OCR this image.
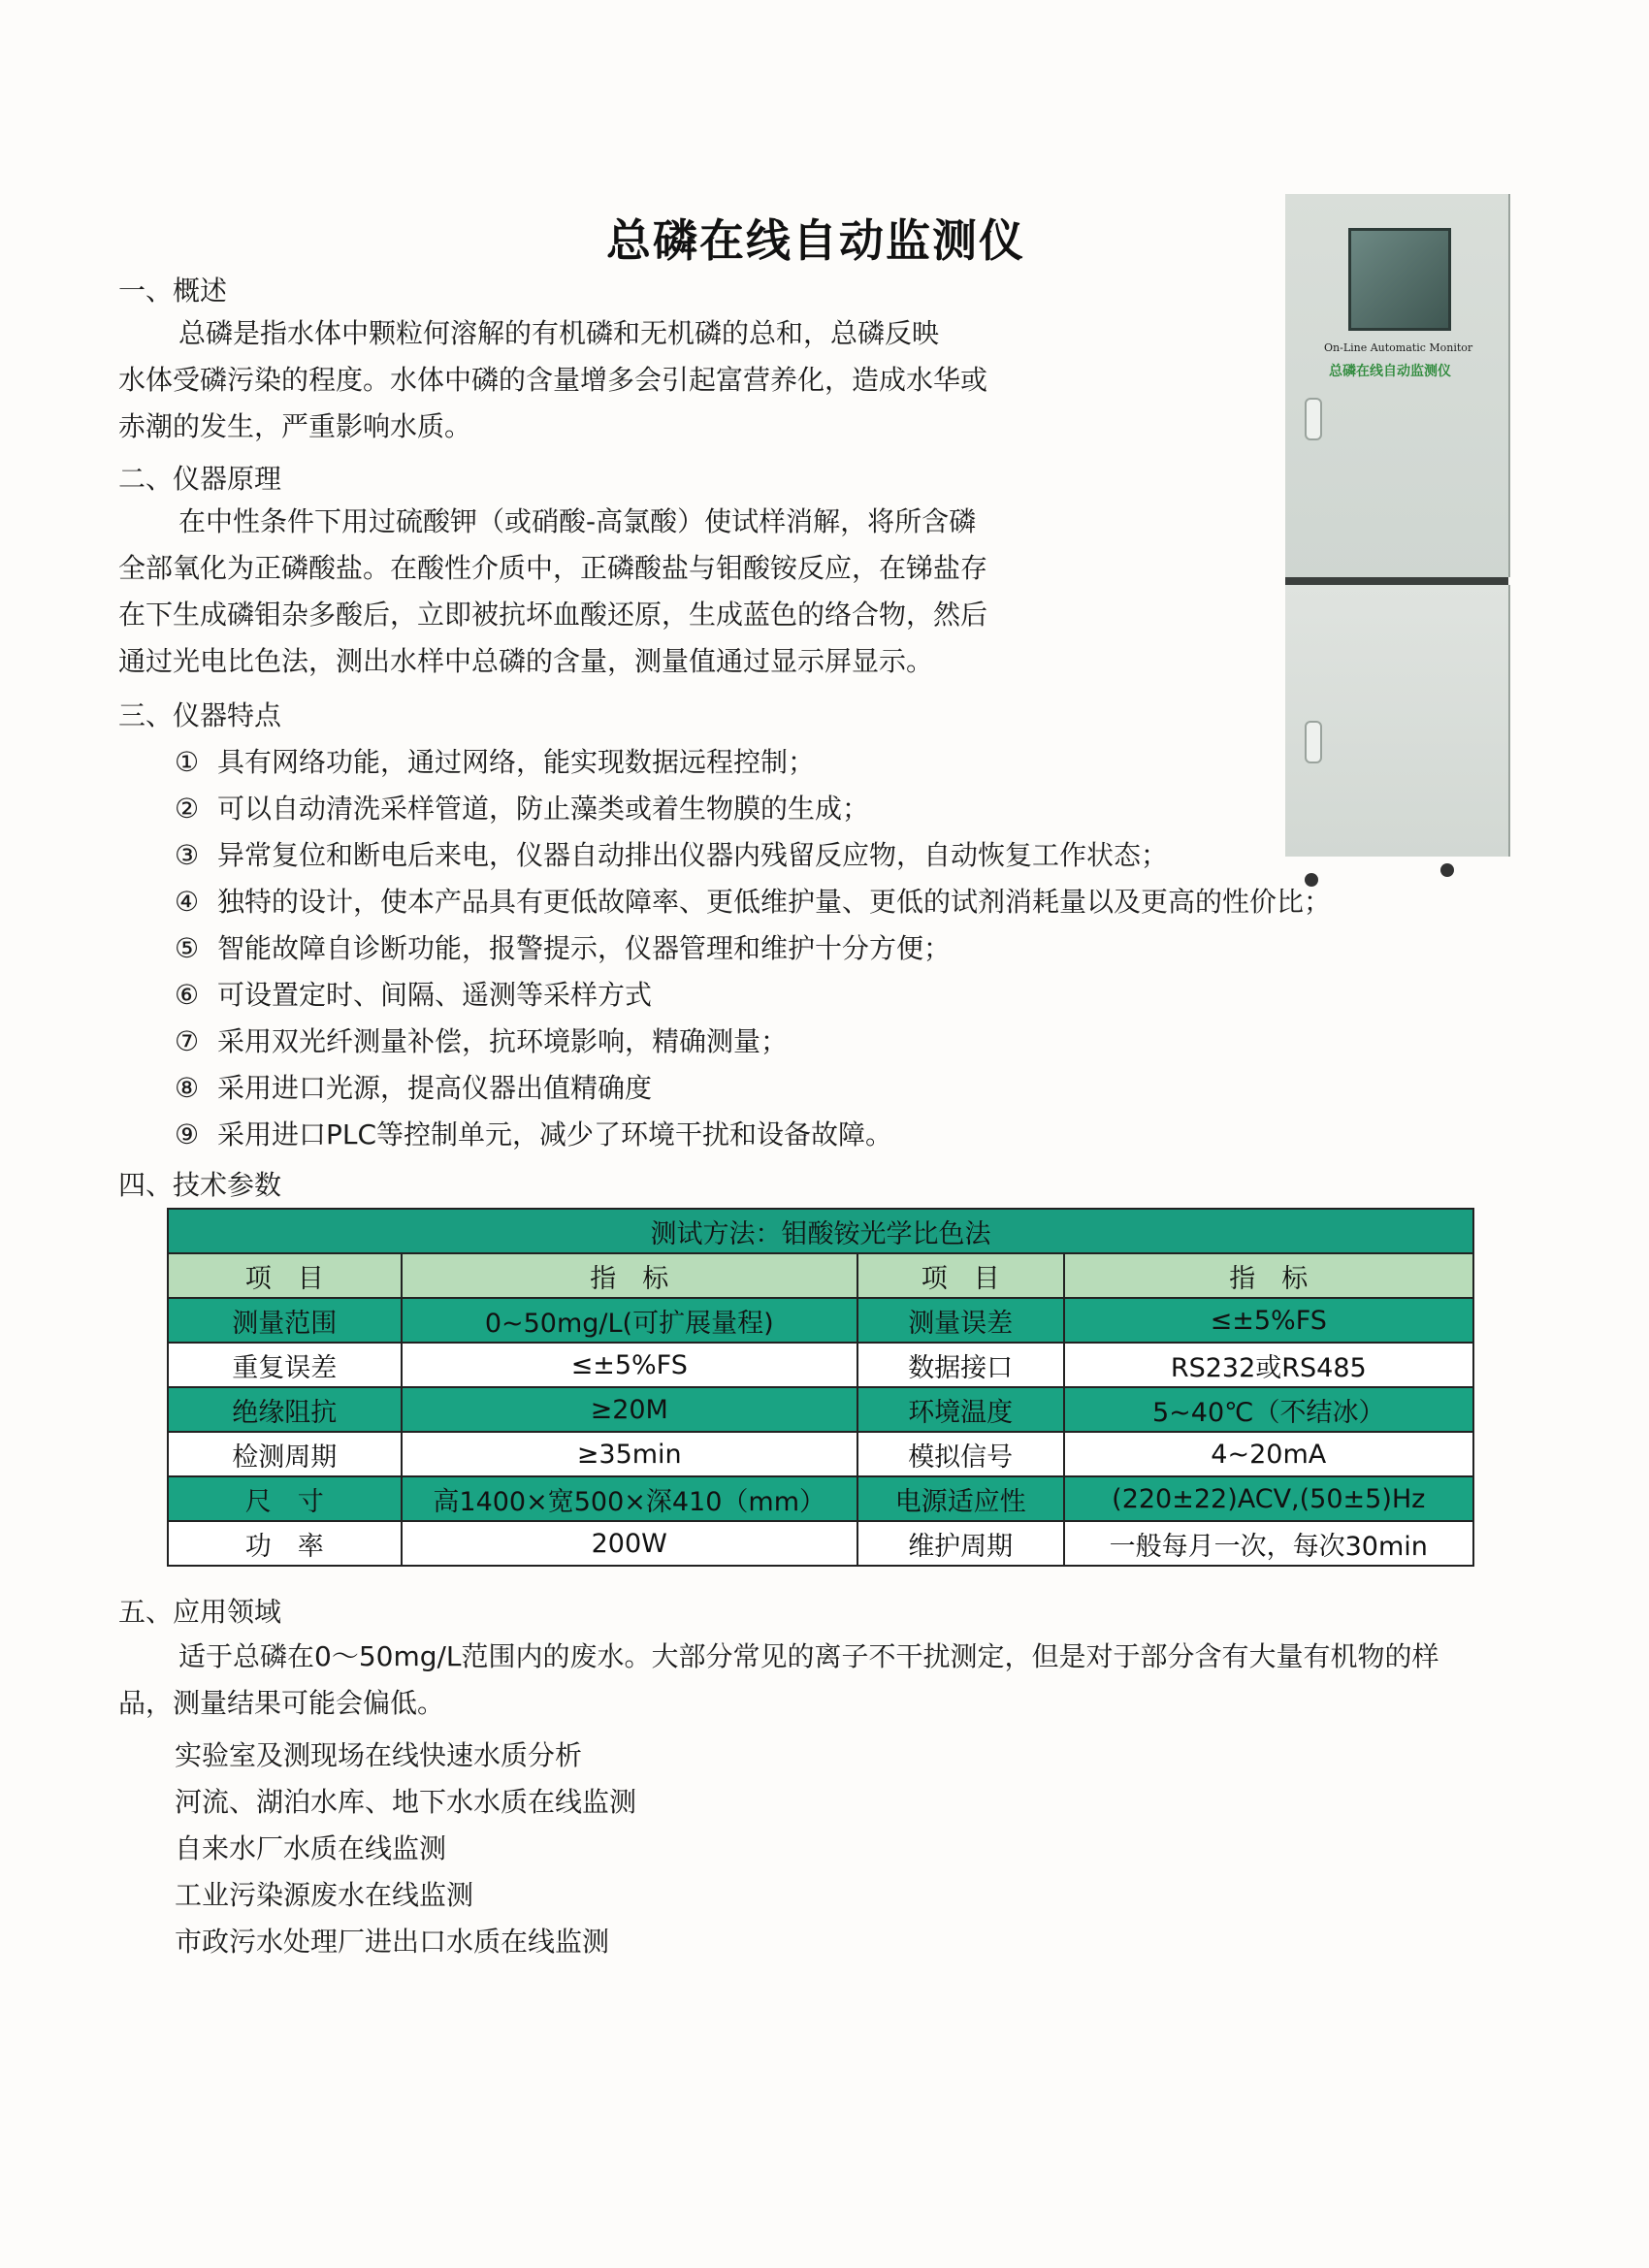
总磷在线自动监测仪
On-Line Automatic Monitor
总磷在线自动监测仪
一、概述
总磷是指水体中颗粒何溶解的有机磷和无机磷的总和，总磷反映
水体受磷污染的程度。水体中磷的含量增多会引起富营养化，造成水华或
赤潮的发生，严重影响水质。
二、仪器原理
在中性条件下用过硫酸钾（或硝酸-高氯酸）使试样消解，将所含磷
全部氧化为正磷酸盐。在酸性介质中，正磷酸盐与钼酸铵反应，在锑盐存
在下生成磷钼杂多酸后，立即被抗坏血酸还原，生成蓝色的络合物，然后
通过光电比色法，测出水样中总磷的含量，测量值通过显示屏显示。
三、仪器特点
① 具有网络功能，通过网络，能实现数据远程控制；
② 可以自动清洗采样管道，防止藻类或着生物膜的生成；
③ 异常复位和断电后来电，仪器自动排出仪器内残留反应物，自动恢复工作状态；
④ 独特的设计，使本产品具有更低故障率、更低维护量、更低的试剂消耗量以及更高的性价比；
⑤ 智能故障自诊断功能，报警提示，仪器管理和维护十分方便；
⑥ 可设置定时、间隔、遥测等采样方式
⑦ 采用双光纤测量补偿，抗环境影响，精确测量；
⑧ 采用进口光源，提高仪器出值精确度
⑨ 采用进口PLC等控制单元，减少了环境干扰和设备故障。
四、技术参数
测试方法：钼酸铵光学比色法			
项　目	指　标	项　目	指　标
测量范围	0~50mg/L(可扩展量程)	测量误差	≤±5%FS
重复误差	≤±5%FS	数据接口	RS232或RS485
绝缘阻抗	≥20M	环境温度	5~40℃（不结冰）
检测周期	≥35min	模拟信号	4~20mA
尺　寸	高1400×宽500×深410（mm）	电源适应性	(220±22)ACV,(50±5)Hz
功　率	200W	维护周期	一般每月一次，每次30min
五、应用领域
适于总磷在0～50mg/L范围内的废水。大部分常见的离子不干扰测定，但是对于部分含有大量有机物的样
品，测量结果可能会偏低。
实验室及测现场在线快速水质分析
河流、湖泊水库、地下水水质在线监测
自来水厂水质在线监测
工业污染源废水在线监测
市政污水处理厂进出口水质在线监测
